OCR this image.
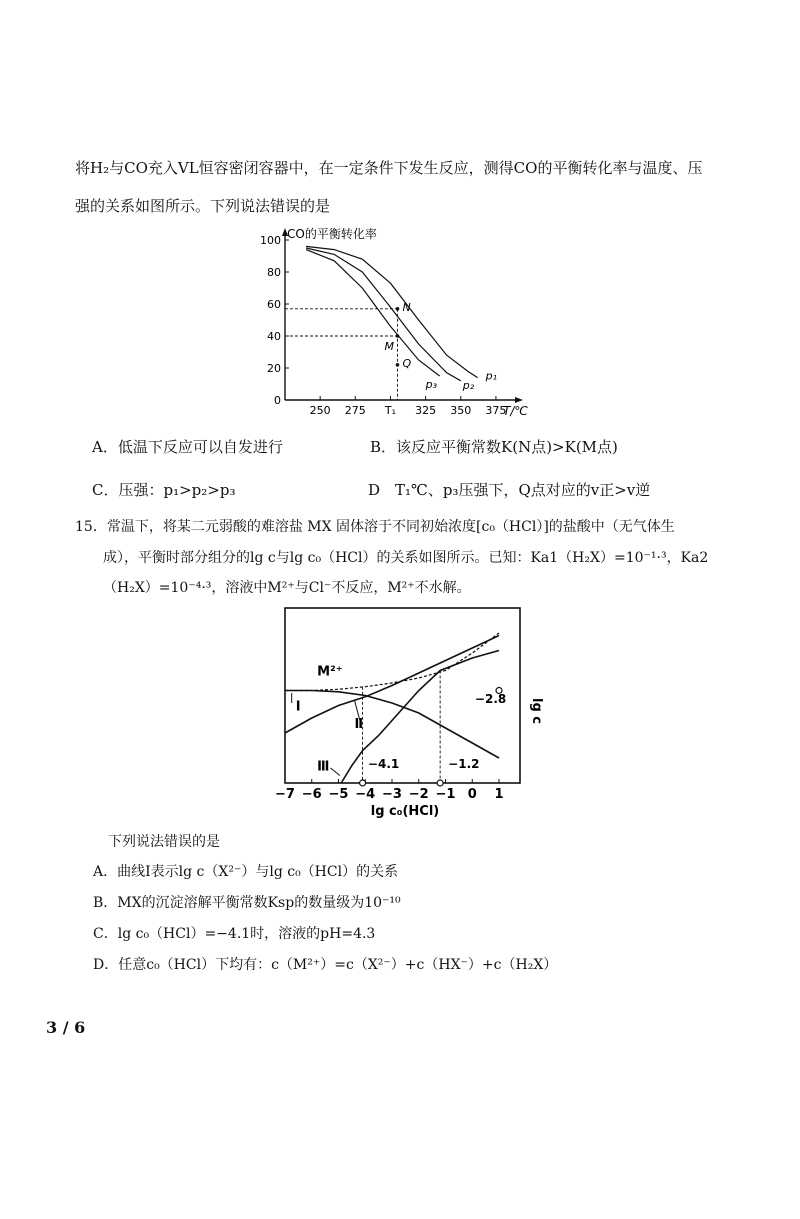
将H₂与CO充入VL恒容密闭容器中，在一定条件下发生反应，测得CO的平衡转化率与温度、压
强的关系如图所示。下列说法错误的是
CO的平衡转化率
0
20
40
60
80
100
250 275 T₁ 325 350 375
p₁
p₂
p₃
N
M
Q
T/℃
A．低温下反应可以自发进行	B．该反应平衡常数K(N点)>K(M点)
C．压强：p₁>p₂>p₃	D　T₁℃、p₃压强下，Q点对应的v正>v逆
15．常温下，将某二元弱酸的难溶盐 MX 固体溶于不同初始浓度[c₀（HCl）]的盐酸中（无气体生
成），平衡时部分组分的lg c与lg c₀（HCl）的关系如图所示。已知：Ka1（H₂X）=10⁻¹·³，Ka2
（H₂X）=10⁻⁴·³，溶液中M²⁺与Cl⁻不反应，M²⁺不水解。
−7 −6 −5 −4 −3 −2 −1 0 1
Ⅰ
Ⅱ
Ⅲ
M²⁺
−2.8
−4.1	−1.2
lg c
lg c₀(HCl)
下列说法错误的是
A．曲线Ⅰ表示lg c（X²⁻）与lg c₀（HCl）的关系
B．MX的沉淀溶解平衡常数Ksp的数量级为10⁻¹⁰
C．lg c₀（HCl）=−4.1时，溶液的pH=4.3
D．任意c₀（HCl）下均有：c（M²⁺）=c（X²⁻）+c（HX⁻）+c（H₂X）
3 / 6
